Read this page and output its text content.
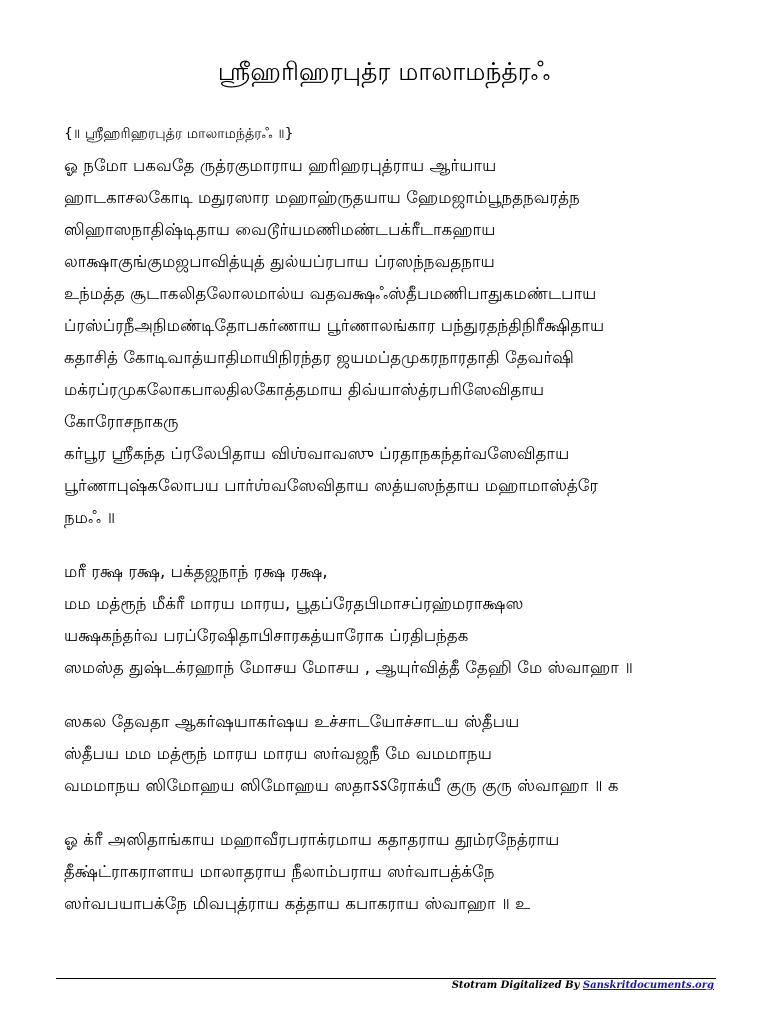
ஶ்ரீஹரிஹரபுத்ர மாலாமந்த்ரஃ
{॥ ஶ்ரீஹரிஹரபுத்ர மாலாமந்த்ரஃ ॥}
ஓ நமோ பகவதே ருத்ரகுமாராய ஹரிஹரபுத்ராய ஆர்யாய
ஹாடகாசலகோடி மதுரஸார மஹாஹ்ருதயாய ஹேமஜாம்பூநதநவரத்ந
ஸிஹாஸநாதிஷ்டிதாய வைடூர்யமணிமண்டபக்ரீடாகஹாய
லாக்ஷாகுங்குமஜபாவித்யுத் துல்யப்ரபாய ப்ரஸந்நவதநாய
உந்மத்த சூடாகலிதலோலமால்ய வதவக்ஷஃஸ்தீபமணிபாதுகமண்டபாய
ப்ரஸ்ப்ரநீஅநிமண்டிதோபகர்ணாய பூர்ணாலங்கார பந்துரதந்திநிரீக்ஷிதாய
கதாசித் கோடிவாத்யாதிமாயிநிரந்தர ஜயமப்தமுகரநாரதாதி தேவர்ஷி
மக்ரப்ரமுகலோகபாலதிலகோத்தமாய திவ்யாஸ்த்ரபரிஸேவிதாய
கோரோசநாகரு
கர்பூர ஶ்ரீகந்த ப்ரலேபிதாய விஶ்வாவஸு ப்ரதாநகந்தர்வஸேவிதாய
பூர்ணாபுஷ்கலோபய பார்ஶ்வஸேவிதாய ஸத்யஸந்தாய மஹாமாஸ்த்ரே
நமஃ ॥
மரீ ரக்ஷ ரக்ஷ, பக்தஜநாந் ரக்ஷ ரக்ஷ,
மம மத்ரூந் மீக்ரீ மாரய மாரய, பூதப்ரேதபிமாசப்ரஹ்மராக்ஷஸ
யக்ஷகந்தர்வ பரப்ரேஷிதாபிசாரகத்யாரோக ப்ரதிபந்தக
ஸமஸ்த துஷ்டக்ரஹாந் மோசய மோசய , ஆயுர்வித்தீ தேஹி மே ஸ்வாஹா ॥
ஸகல தேவதா ஆகர்ஷயாகர்ஷய உச்சாடயோச்சாடய ஸ்தீபய
ஸ்தீபய மம மத்ரூந் மாரய மாரய ஸர்வஜநீ மே வமமாநய
வமமாநய ஸிமோஹய ஸிமோஹய ஸதாऽऽரோக்யீ குரு குரு ஸ்வாஹா ॥ க
ஓ க்ரீ அஸிதாங்காய மஹாவீரபராக்ரமாய கதாதராய தூம்ரநேத்ராய
தீக்ஷ்ட்ராகராளாய மாலாதராய நீலாம்பராய ஸர்வாபத்க்நே
ஸர்வபயாபக்நே மிவபுத்ராய கத்தாய கபாகராய ஸ்வாஹா ॥ உ
Stotram Digitalized By Sanskritdocuments.org
